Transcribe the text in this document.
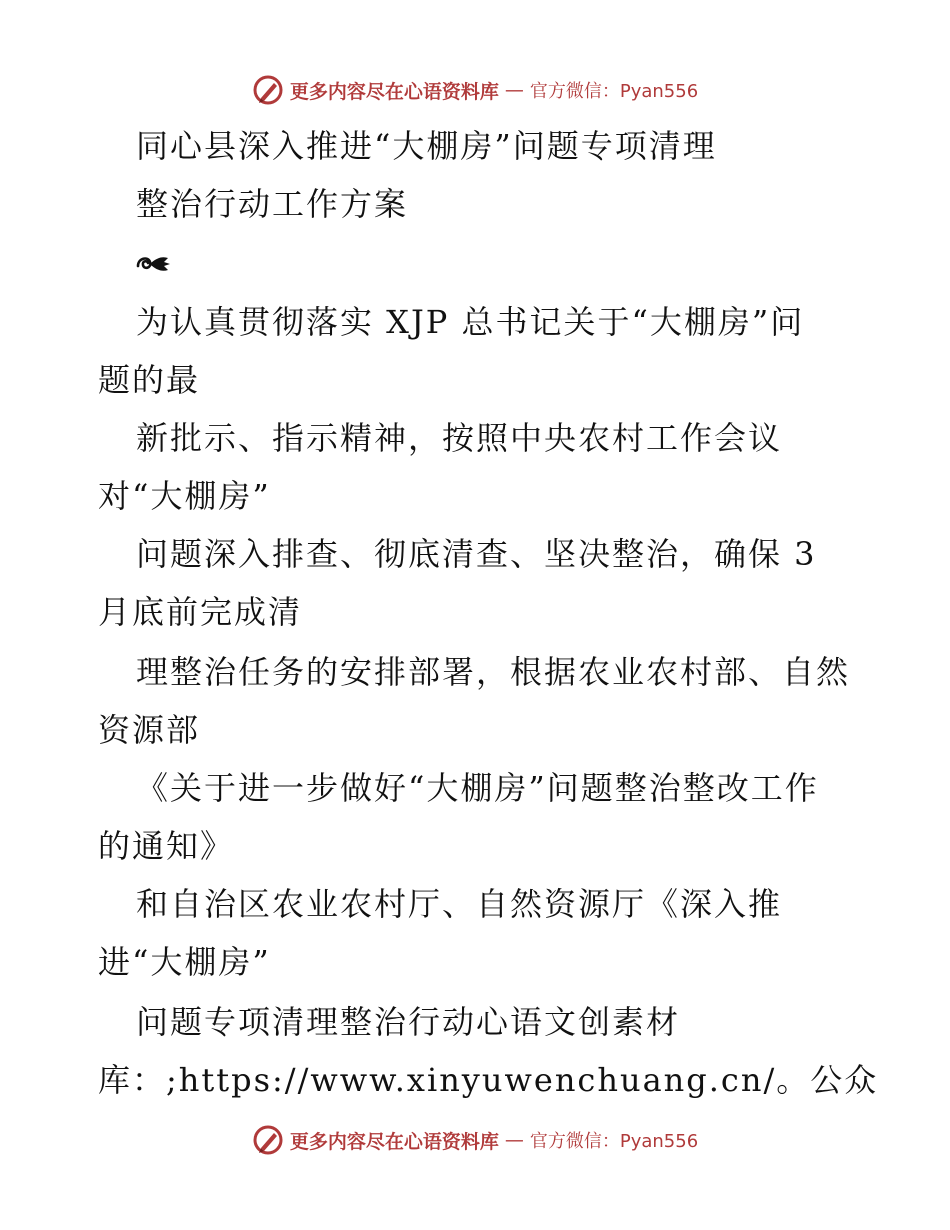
更多内容尽在心语资料库 — 官方微信：Pyan556
同心县深入推进“大棚房”问题专项清理
整治行动工作方案
为认真贯彻落实 XJP 总书记关于“大棚房”问
题的最
新批示、指示精神，按照中央农村工作会议
对“大棚房”
问题深入排查、彻底清查、坚决整治，确保 3
月底前完成清
理整治任务的安排部署，根据农业农村部、自然
资源部
《关于进一步做好“大棚房”问题整治整改工作
的通知》
和自治区农业农村厅、自然资源厅《深入推
进“大棚房”
问题专项清理整治行动心语文创素材
库：;https://www.xinyuwenchuang.cn/。公众
更多内容尽在心语资料库 — 官方微信：Pyan556
